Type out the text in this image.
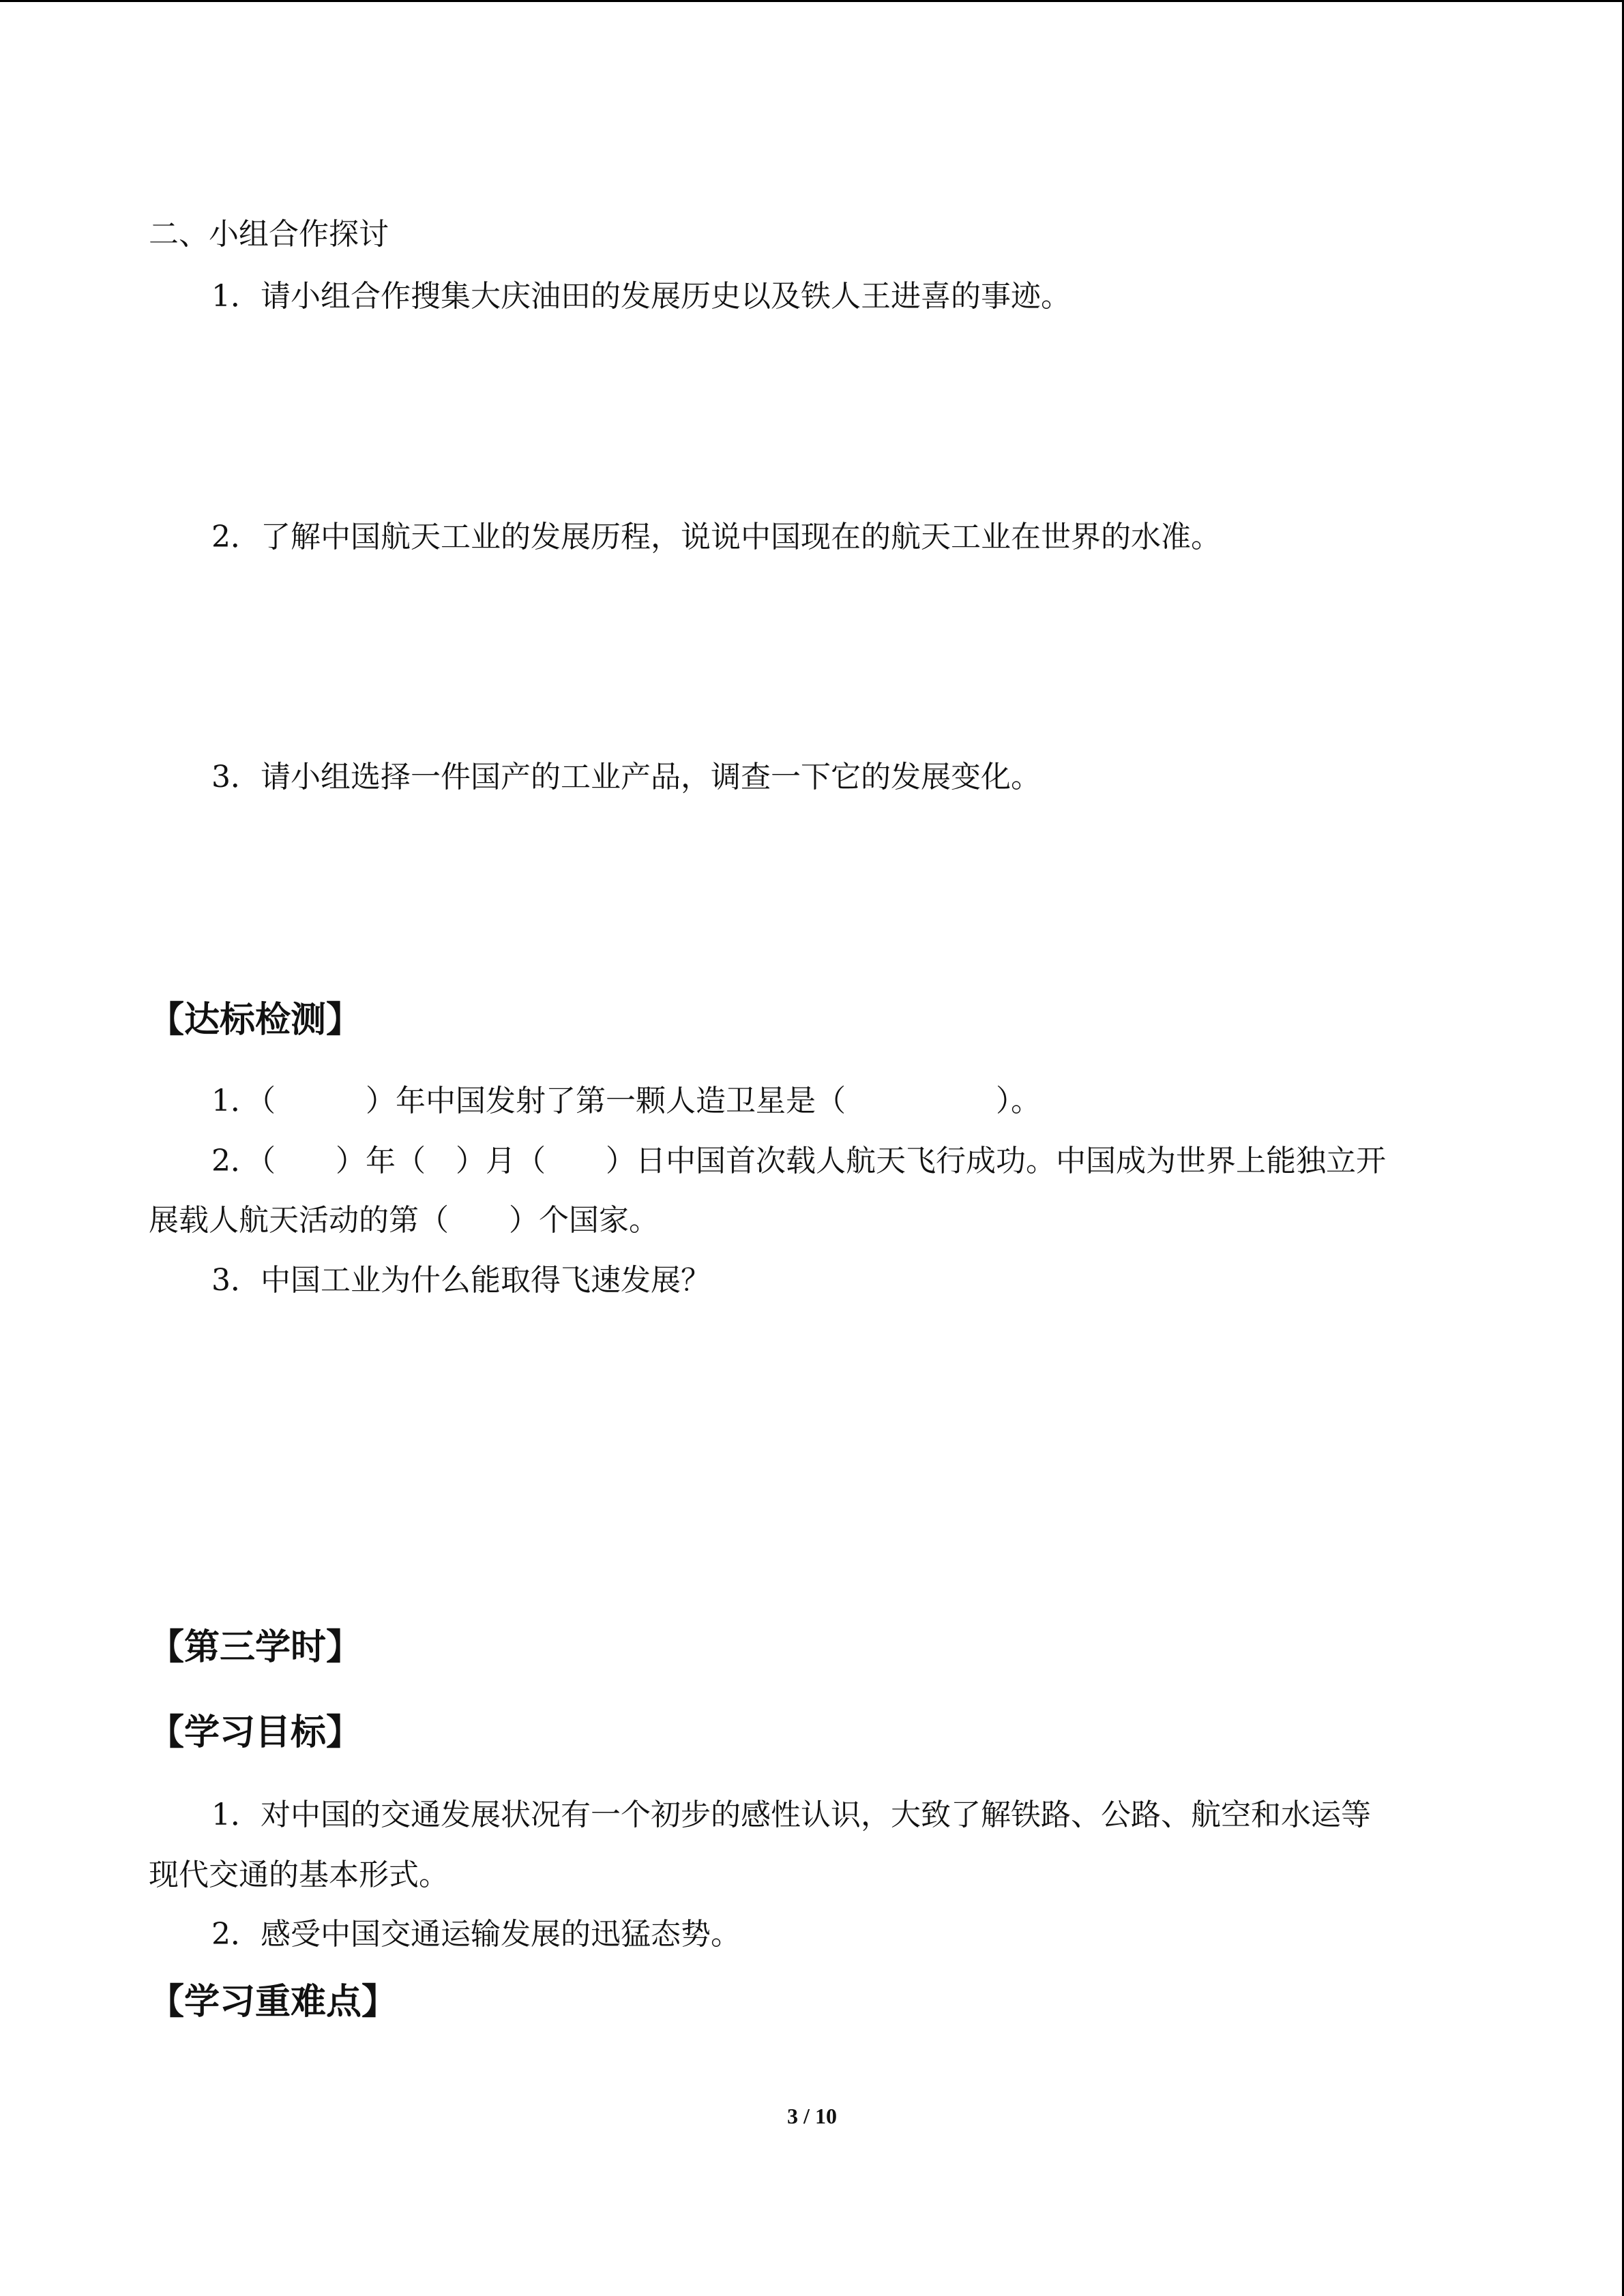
二、小组合作探讨
1．请小组合作搜集大庆油田的发展历史以及铁人王进喜的事迹。
2．了解中国航天工业的发展历程，说说中国现在的航天工业在世界的水准。
3．请小组选择一件国产的工业产品，调查一下它的发展变化。
【达标检测】
1．（　　　）年中国发射了第一颗人造卫星是（　　　　　）。
2．（　　）年（　）月（　　）日中国首次载人航天飞行成功。中国成为世界上能独立开
展载人航天活动的第（　　）个国家。
3．中国工业为什么能取得飞速发展？
【第三学时】
【学习目标】
1．对中国的交通发展状况有一个初步的感性认识，大致了解铁路、公路、航空和水运等
现代交通的基本形式。
2．感受中国交通运输发展的迅猛态势。
【学习重难点】
3 / 10
